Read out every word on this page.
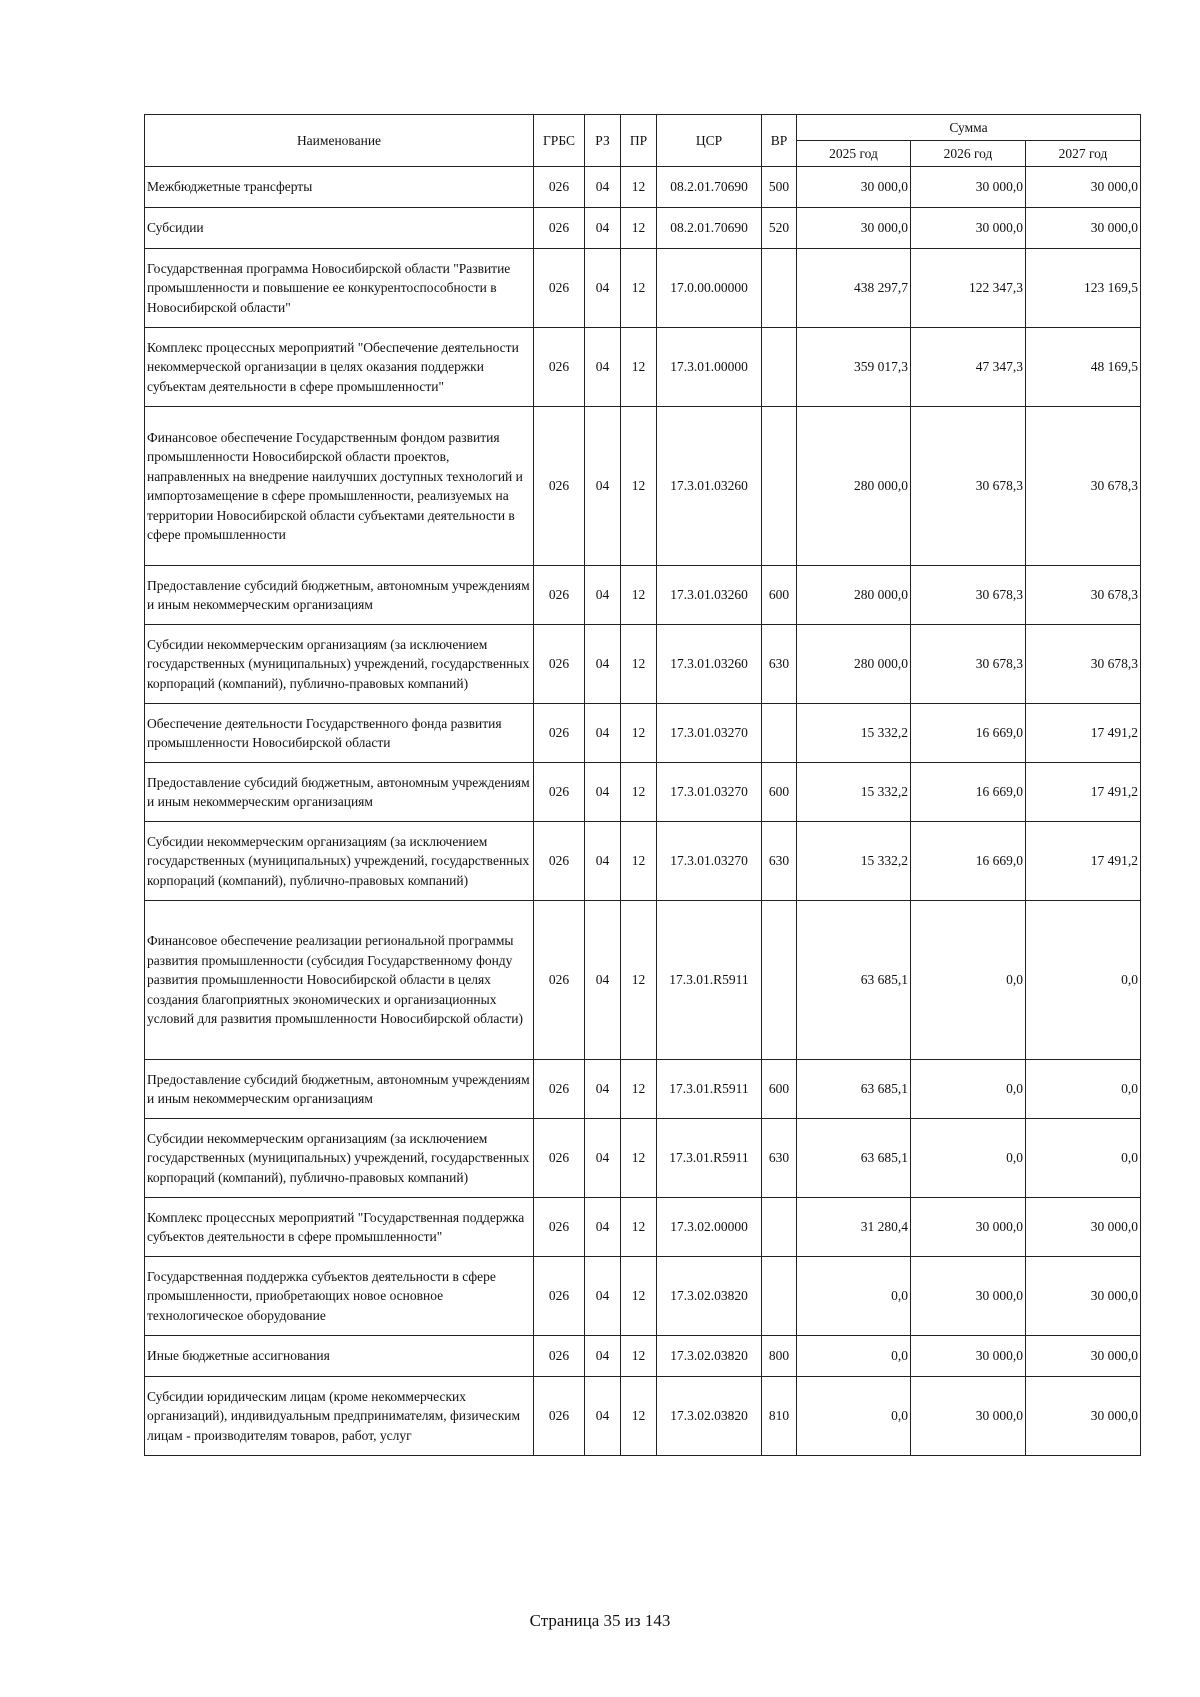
Наименование	ГРБС	РЗ	ПР	ЦСР	ВР	Сумма		
						2025 год	2026 год	2027 год
Межбюджетные трансферты	026	04	12	08.2.01.70690	500	30 000,0	30 000,0	30 000,0
Субсидии	026	04	12	08.2.01.70690	520	30 000,0	30 000,0	30 000,0
Государственная программа Новосибирской области "Развитие промышленности и повышение ее конкурентоспособности в Новосибирской области"	026	04	12	17.0.00.00000		438 297,7	122 347,3	123 169,5
Комплекс процессных мероприятий "Обеспечение деятельности некоммерческой организации в целях оказания поддержки субъектам деятельности в сфере промышленности"	026	04	12	17.3.01.00000		359 017,3	47 347,3	48 169,5
Финансовое обеспечение Государственным фондом развития промышленности Новосибирской области проектов, направленных на внедрение наилучших доступных технологий и импортозамещение в сфере промышленности, реализуемых на территории Новосибирской области субъектами деятельности в сфере промышленности	026	04	12	17.3.01.03260		280 000,0	30 678,3	30 678,3
Предоставление субсидий бюджетным, автономным учреждениям и иным некоммерческим организациям	026	04	12	17.3.01.03260	600	280 000,0	30 678,3	30 678,3
Субсидии некоммерческим организациям (за исключением государственных (муниципальных) учреждений, государственных корпораций (компаний), публично-правовых компаний)	026	04	12	17.3.01.03260	630	280 000,0	30 678,3	30 678,3
Обеспечение деятельности Государственного фонда развития промышленности Новосибирской области	026	04	12	17.3.01.03270		15 332,2	16 669,0	17 491,2
Предоставление субсидий бюджетным, автономным учреждениям и иным некоммерческим организациям	026	04	12	17.3.01.03270	600	15 332,2	16 669,0	17 491,2
Субсидии некоммерческим организациям (за исключением государственных (муниципальных) учреждений, государственных корпораций (компаний), публично-правовых компаний)	026	04	12	17.3.01.03270	630	15 332,2	16 669,0	17 491,2
Финансовое обеспечение реализации региональной программы развития промышленности (субсидия Государственному фонду развития промышленности Новосибирской области в целях создания благоприятных экономических и организационных условий для развития промышленности Новосибирской области)	026	04	12	17.3.01.R5911		63 685,1	0,0	0,0
Предоставление субсидий бюджетным, автономным учреждениям и иным некоммерческим организациям	026	04	12	17.3.01.R5911	600	63 685,1	0,0	0,0
Субсидии некоммерческим организациям (за исключением государственных (муниципальных) учреждений, государственных корпораций (компаний), публично-правовых компаний)	026	04	12	17.3.01.R5911	630	63 685,1	0,0	0,0
Комплекс процессных мероприятий "Государственная поддержка субъектов деятельности в сфере промышленности"	026	04	12	17.3.02.00000		31 280,4	30 000,0	30 000,0
Государственная поддержка субъектов деятельности в сфере промышленности, приобретающих новое основное технологическое оборудование	026	04	12	17.3.02.03820		0,0	30 000,0	30 000,0
Иные бюджетные ассигнования	026	04	12	17.3.02.03820	800	0,0	30 000,0	30 000,0
Субсидии юридическим лицам (кроме некоммерческих организаций), индивидуальным предпринимателям, физическим лицам - производителям товаров, работ, услуг	026	04	12	17.3.02.03820	810	0,0	30 000,0	30 000,0
Страница 35 из 143
